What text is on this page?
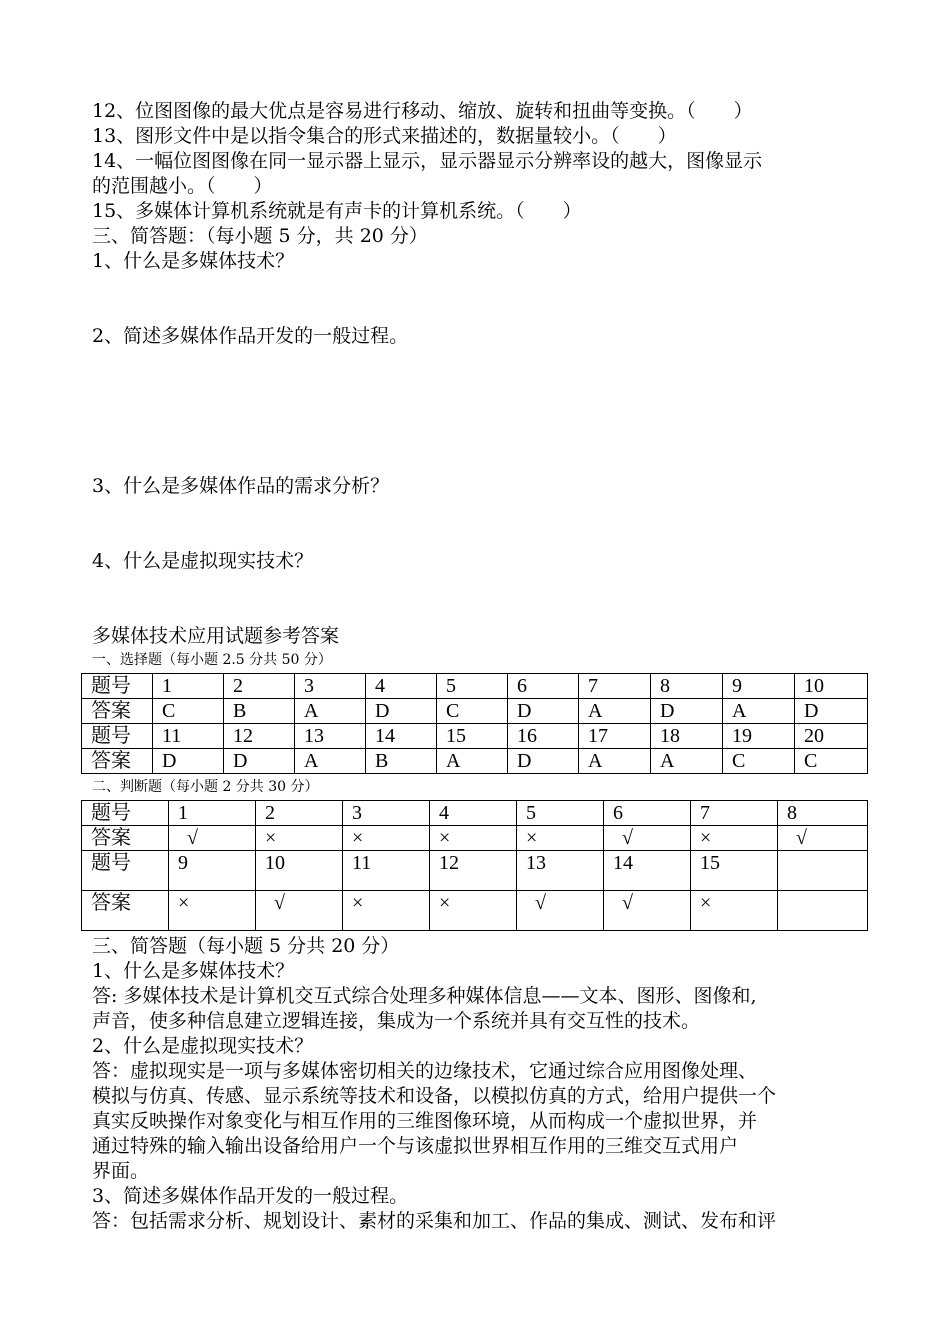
12、位图图像的最大优点是容易进行移动、缩放、旋转和扭曲等变换。（　　）
13、图形文件中是以指令集合的形式来描述的，数据量较小。（　　）
14、一幅位图图像在同一显示器上显示，显示器显示分辨率设的越大，图像显示
的范围越小。（　　）
15、多媒体计算机系统就是有声卡的计算机系统。（　　）
三、简答题：（每小题 5 分，共 20 分）
1、什么是多媒体技术？
2、简述多媒体作品开发的一般过程。
3、什么是多媒体作品的需求分析？
4、什么是虚拟现实技术？
多媒体技术应用试题参考答案
一、选择题（每小题 2.5 分共 50 分）
题号	1	2	3	4	5	6	7	8	9	10
答案	C	B	A	D	C	D	A	D	A	D
题号	11	12	13	14	15	16	17	18	19	20
答案	D	D	A	B	A	D	A	A	C	C
二、判断题（每小题 2 分共 30 分）
题号	1	2	3	4	5	6	7	8
答案	√	×	×	×	×	√	×	√
题号	9	10	11	12	13	14	15	
答案	×	√	×	×	√	√	×	
三、简答题（每小题 5 分共 20 分）
1、什么是多媒体技术？
答: 多媒体技术是计算机交互式综合处理多种媒体信息——文本、图形、图像和,
声音，使多种信息建立逻辑连接，集成为一个系统并具有交互性的技术。
2、什么是虚拟现实技术？
答：虚拟现实是一项与多媒体密切相关的边缘技术，它通过综合应用图像处理、
模拟与仿真、传感、显示系统等技术和设备，以模拟仿真的方式，给用户提供一个
真实反映操作对象变化与相互作用的三维图像环境，从而构成一个虚拟世界，并
通过特殊的输入输出设备给用户一个与该虚拟世界相互作用的三维交互式用户
界面。
3、简述多媒体作品开发的一般过程。
答：包括需求分析、规划设计、素材的采集和加工、作品的集成、测试、发布和评
